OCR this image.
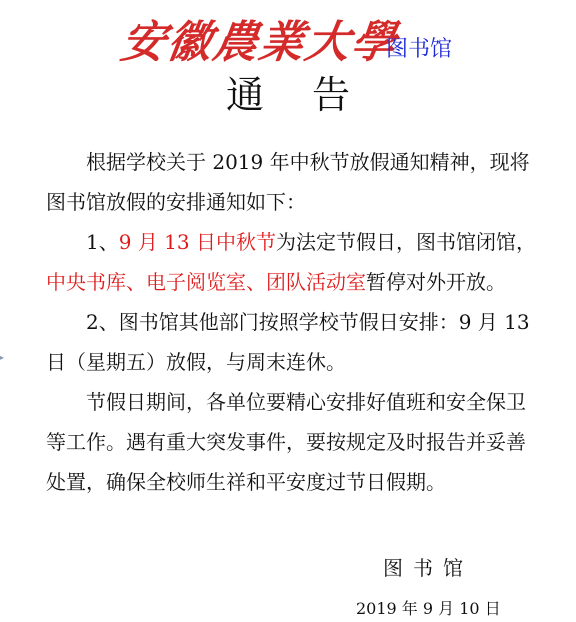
安徽農業大學
图书馆
通告

根据学校关于 2019 年中秋节放假通知精神，现将图书馆放假的安排通知如下：

1、9 月 13 日中秋节为法定节假日，图书馆闭馆，中央书库、电子阅览室、团队活动室暂停对外开放。

2、图书馆其他部门按照学校节假日安排：9 月 13 日（星期五）放假，与周末连休。

节假日期间，各单位要精心安排好值班和安全保卫等工作。遇有重大突发事件，要按规定及时报告并妥善处置，确保全校师生祥和平安度过节日假期。

图书馆
2019 年 9 月 10 日
▸
